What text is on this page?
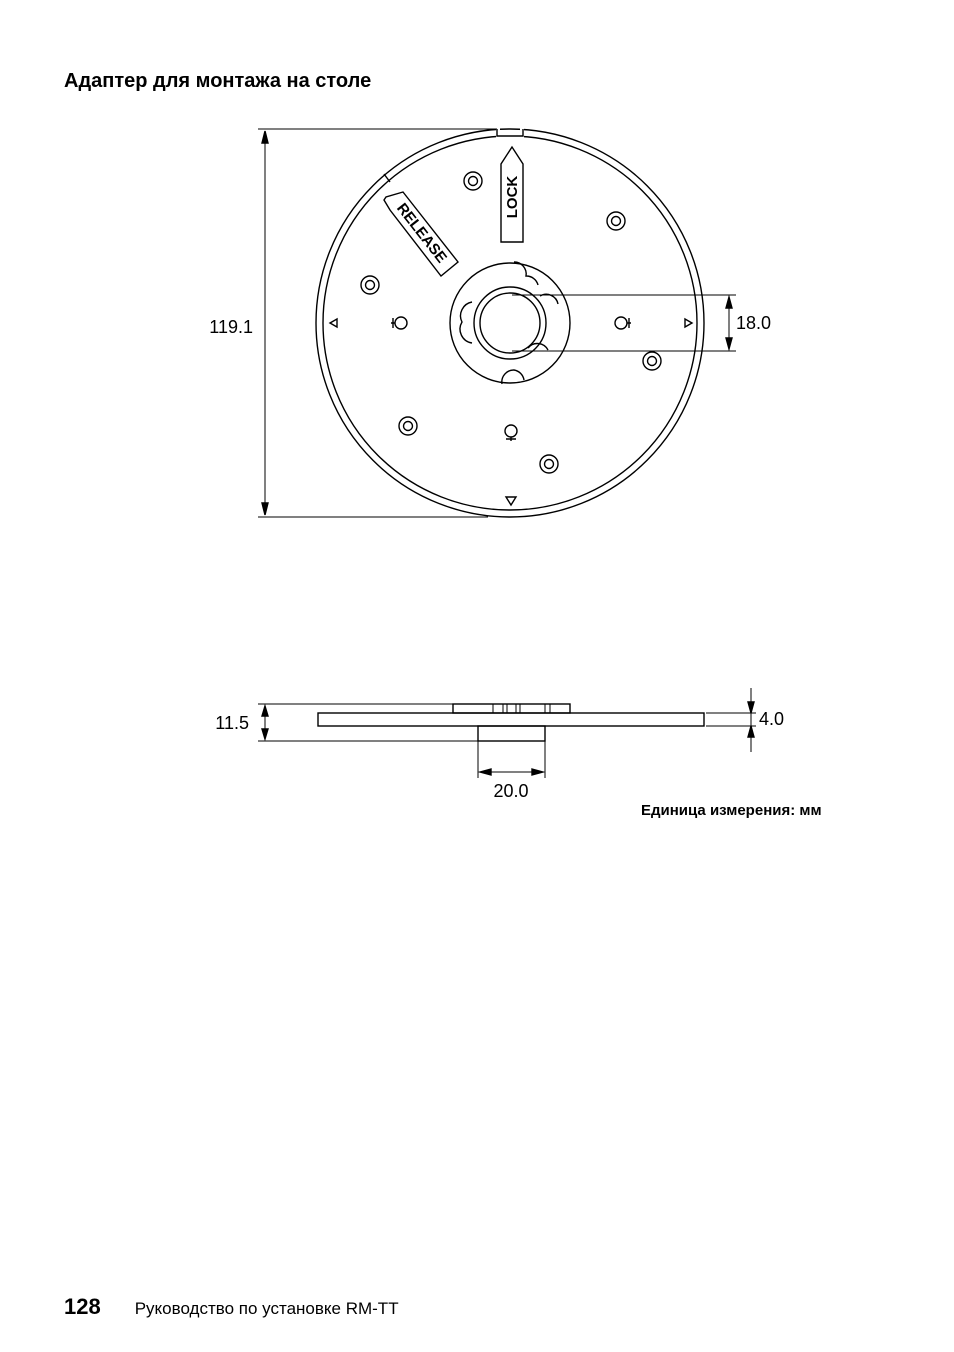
Адаптер для монтажа на столе
LOCK
RELEASE
119.1	18.0
11.5	4.0
20.0
Единица измерения: мм
128 Руководство по установке RM-TT
